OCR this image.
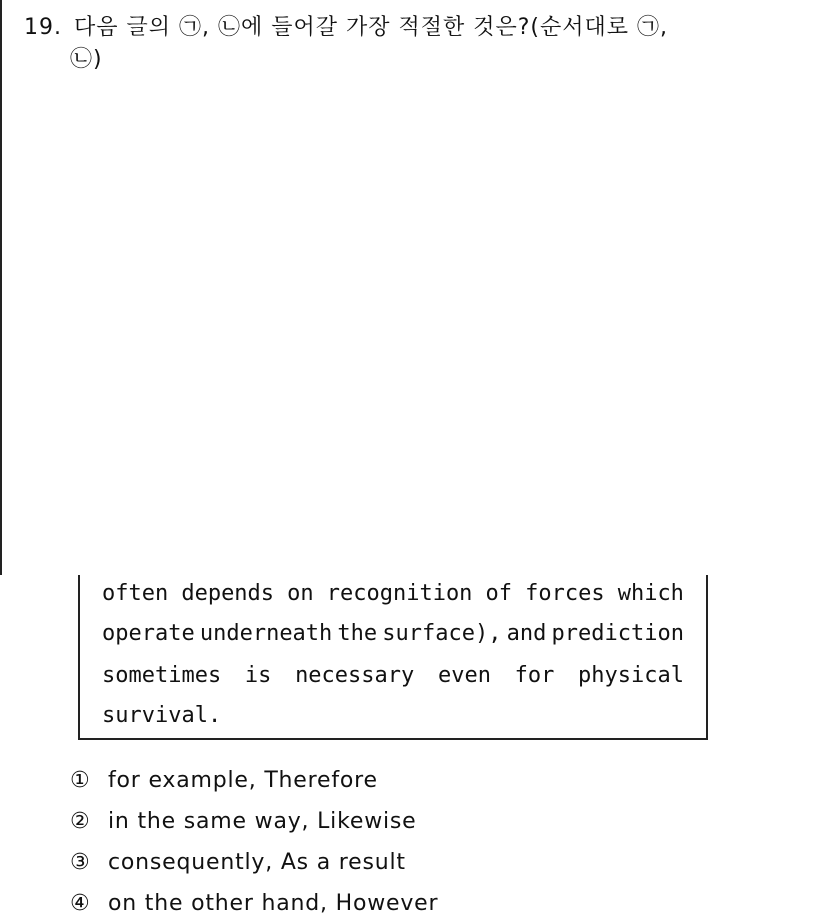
19. 다음 글의 ㉠, ㉡에 들어갈 가장 적절한 것은?(순서대로 ㉠,
㉡)
often depends on recognition of forces which
operate underneath the surface), and prediction
sometimes is necessary even for physical
survival.
① for example, Therefore
② in the same way, Likewise
③ consequently, As a result
④ on the other hand, However
